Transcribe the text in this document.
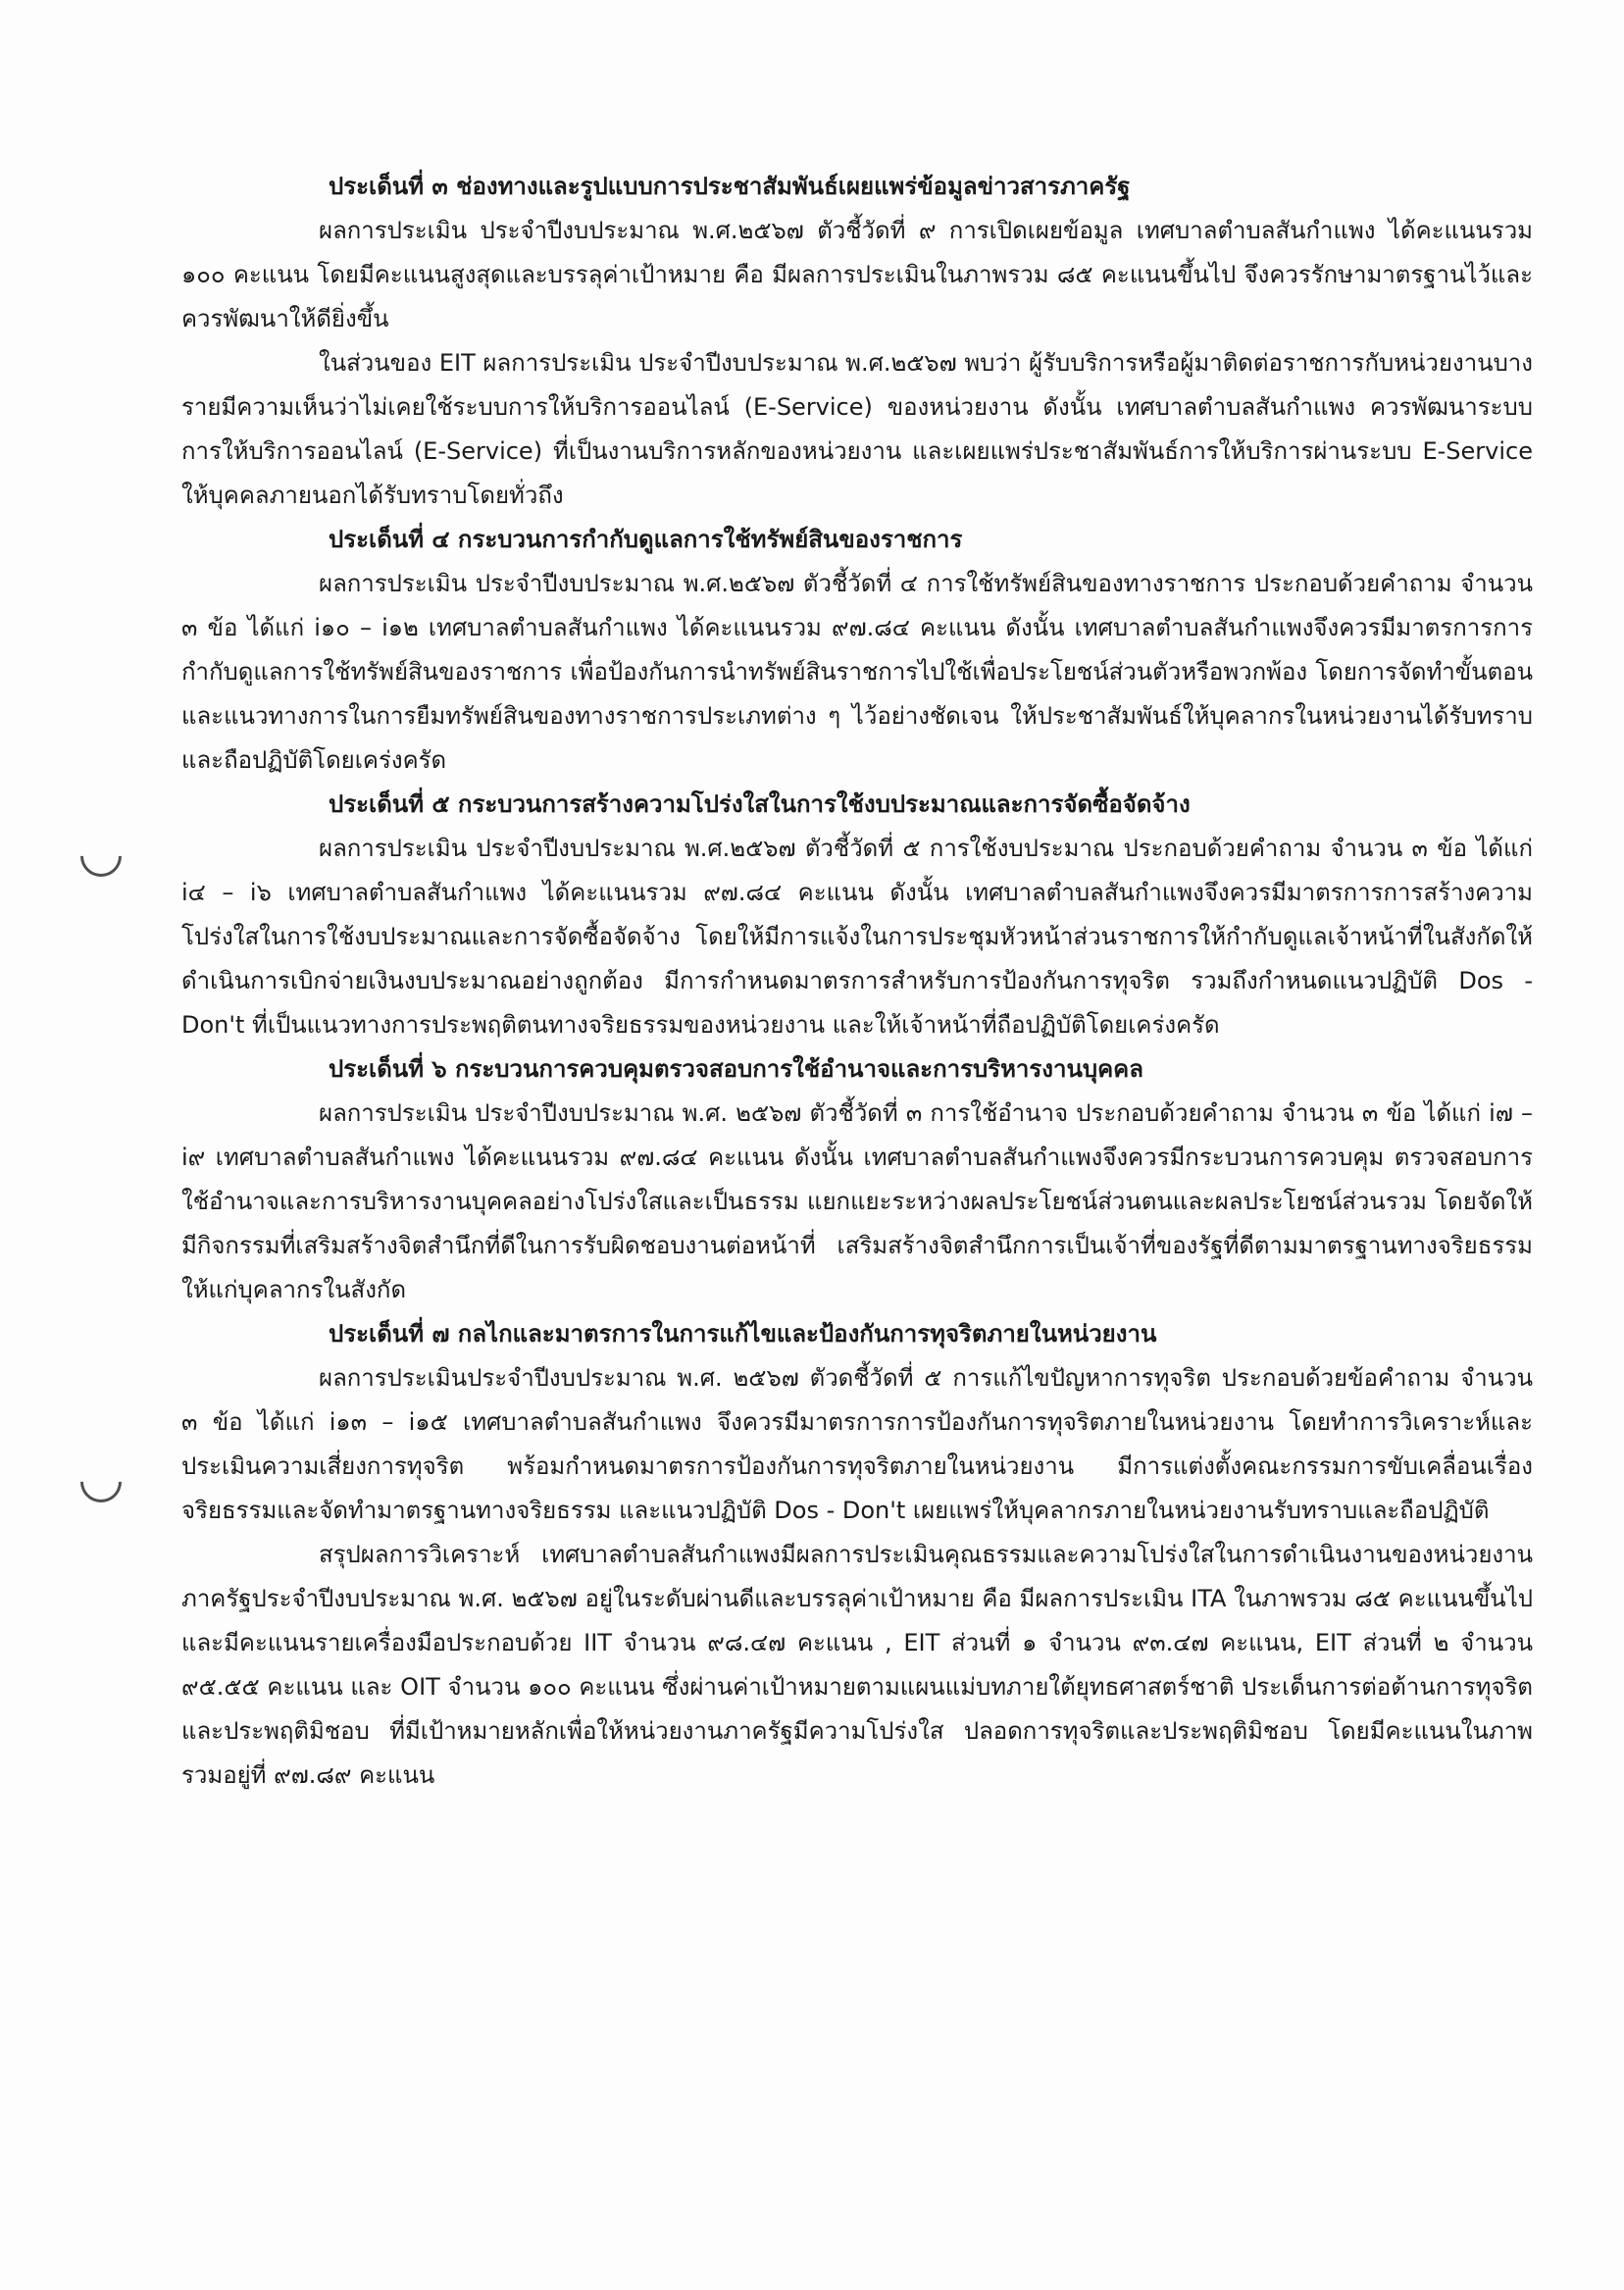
ประเด็นที่ ๓ ช่องทางและรูปแบบการประชาสัมพันธ์เผยแพร่ข้อมูลข่าวสารภาครัฐ

ผลการประเมิน ประจำปีงบประมาณ พ.ศ.๒๕๖๗ ตัวชี้วัดที่ ๙ การเปิดเผยข้อมูล เทศบาลตำบลสันกำแพง ได้คะแนนรวม ๑๐๐ คะแนน โดยมีคะแนนสูงสุดและบรรลุค่าเป้าหมาย คือ มีผลการประเมินในภาพรวม ๘๕ คะแนนขึ้นไป จึงควรรักษามาตรฐานไว้และควรพัฒนาให้ดียิ่งขึ้น

ในส่วนของ EIT ผลการประเมิน ประจำปีงบประมาณ พ.ศ.๒๕๖๗ พบว่า ผู้รับบริการหรือผู้มาติดต่อราชการกับหน่วยงานบางรายมีความเห็นว่าไม่เคยใช้ระบบการให้บริการออนไลน์ (E-Service) ของหน่วยงาน ดังนั้น เทศบาลตำบลสันกำแพง ควรพัฒนาระบบการให้บริการออนไลน์ (E-Service) ที่เป็นงานบริการหลักของหน่วยงาน และเผยแพร่ประชาสัมพันธ์การให้บริการผ่านระบบ E-Service ให้บุคคลภายนอกได้รับทราบโดยทั่วถึง

ประเด็นที่ ๔ กระบวนการกำกับดูแลการใช้ทรัพย์สินของราชการ

ผลการประเมิน ประจำปีงบประมาณ พ.ศ.๒๕๖๗ ตัวชี้วัดที่ ๔ การใช้ทรัพย์สินของทางราชการ ประกอบด้วยคำถาม จำนวน ๓ ข้อ ได้แก่ i๑๐ – i๑๒ เทศบาลตำบลสันกำแพง ได้คะแนนรวม ๙๗.๘๔ คะแนน ดังนั้น เทศบาลตำบลสันกำแพงจึงควรมีมาตรการการกำกับดูแลการใช้ทรัพย์สินของราชการ เพื่อป้องกันการนำทรัพย์สินราชการไปใช้เพื่อประโยชน์ส่วนตัวหรือพวกพ้อง โดยการจัดทำขั้นตอนและแนวทางการในการยืมทรัพย์สินของทางราชการประเภทต่าง ๆ ไว้อย่างชัดเจน ให้ประชาสัมพันธ์ให้บุคลากรในหน่วยงานได้รับทราบและถือปฏิบัติโดยเคร่งครัด

ประเด็นที่ ๕ กระบวนการสร้างความโปร่งใสในการใช้งบประมาณและการจัดซื้อจัดจ้าง

ผลการประเมิน ประจำปีงบประมาณ พ.ศ.๒๕๖๗ ตัวชี้วัดที่ ๕ การใช้งบประมาณ ประกอบด้วยคำถาม จำนวน ๓ ข้อ ได้แก่ i๔ – i๖ เทศบาลตำบลสันกำแพง ได้คะแนนรวม ๙๗.๘๔ คะแนน ดังนั้น เทศบาลตำบลสันกำแพงจึงควรมีมาตรการการสร้างความโปร่งใสในการใช้งบประมาณและการจัดซื้อจัดจ้าง โดยให้มีการแจ้งในการประชุมหัวหน้าส่วนราชการให้กำกับดูแลเจ้าหน้าที่ในสังกัดให้ดำเนินการเบิกจ่ายเงินงบประมาณอย่างถูกต้อง มีการกำหนดมาตรการสำหรับการป้องกันการทุจริต รวมถึงกำหนดแนวปฏิบัติ Dos - Don't ที่เป็นแนวทางการประพฤติตนทางจริยธรรมของหน่วยงาน และให้เจ้าหน้าที่ถือปฏิบัติโดยเคร่งครัด

ประเด็นที่ ๖ กระบวนการควบคุมตรวจสอบการใช้อำนาจและการบริหารงานบุคคล

ผลการประเมิน ประจำปีงบประมาณ พ.ศ. ๒๕๖๗ ตัวชี้วัดที่ ๓ การใช้อำนาจ ประกอบด้วยคำถาม จำนวน ๓ ข้อ ได้แก่ i๗ – i๙ เทศบาลตำบลสันกำแพง ได้คะแนนรวม ๙๗.๘๔ คะแนน ดังนั้น เทศบาลตำบลสันกำแพงจึงควรมีกระบวนการควบคุม ตรวจสอบการใช้อำนาจและการบริหารงานบุคคลอย่างโปร่งใสและเป็นธรรม แยกแยะระหว่างผลประโยชน์ส่วนตนและผลประโยชน์ส่วนรวม โดยจัดให้มีกิจกรรมที่เสริมสร้างจิตสำนึกที่ดีในการรับผิดชอบงานต่อหน้าที่ เสริมสร้างจิตสำนึกการเป็นเจ้าที่ของรัฐที่ดีตามมาตรฐานทางจริยธรรมให้แก่บุคลากรในสังกัด

ประเด็นที่ ๗ กลไกและมาตรการในการแก้ไขและป้องกันการทุจริตภายในหน่วยงาน

ผลการประเมินประจำปีงบประมาณ พ.ศ. ๒๕๖๗ ตัวดชี้วัดที่ ๕ การแก้ไขปัญหาการทุจริต ประกอบด้วยข้อคำถาม จำนวน ๓ ข้อ ได้แก่ i๑๓ – i๑๕ เทศบาลตำบลสันกำแพง จึงควรมีมาตรการการป้องกันการทุจริตภายในหน่วยงาน โดยทำการวิเคราะห์และประเมินความเสี่ยงการทุจริต พร้อมกำหนดมาตรการป้องกันการทุจริตภายในหน่วยงาน มีการแต่งตั้งคณะกรรมการขับเคลื่อนเรื่องจริยธรรมและจัดทำมาตรฐานทางจริยธรรม และแนวปฏิบัติ Dos - Don't เผยแพร่ให้บุคลากรภายในหน่วยงานรับทราบและถือปฏิบัติ

สรุปผลการวิเคราะห์ เทศบาลตำบลสันกำแพงมีผลการประเมินคุณธรรมและความโปร่งใสในการดำเนินงานของหน่วยงานภาครัฐประจำปีงบประมาณ พ.ศ. ๒๕๖๗ อยู่ในระดับผ่านดีและบรรลุค่าเป้าหมาย คือ มีผลการประเมิน ITA ในภาพรวม ๘๕ คะแนนขึ้นไป และมีคะแนนรายเครื่องมือประกอบด้วย IIT จำนวน ๙๘.๔๗ คะแนน , EIT ส่วนที่ ๑ จำนวน ๙๓.๔๗ คะแนน, EIT ส่วนที่ ๒ จำนวน ๙๕.๕๕ คะแนน และ OIT จำนวน ๑๐๐ คะแนน ซึ่งผ่านค่าเป้าหมายตามแผนแม่บทภายใต้ยุทธศาสตร์ชาติ ประเด็นการต่อต้านการทุจริตและประพฤติมิชอบ ที่มีเป้าหมายหลักเพื่อให้หน่วยงานภาครัฐมีความโปร่งใส ปลอดการทุจริตและประพฤติมิชอบ โดยมีคะแนนในภาพรวมอยู่ที่ ๙๗.๘๙ คะแนน
